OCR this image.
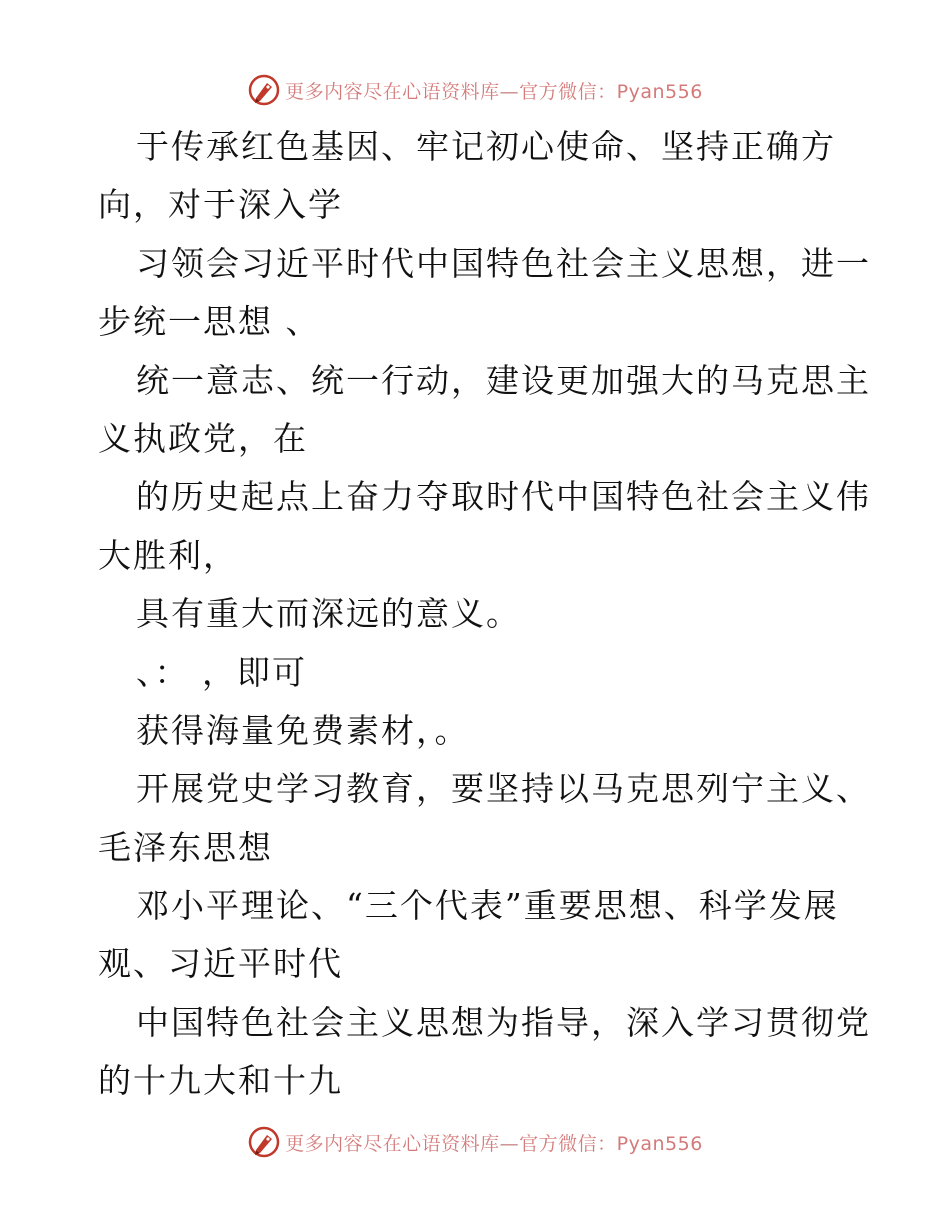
更多内容尽在心语资料库—官方微信：Pyan556
于传承红色基因、牢记初心使命、坚持正确方
向，对于深入学
习领会习近平时代中国特色社会主义思想，进一
步统一思想 、
统一意志、统一行动，建设更加强大的马克思主
义执政党，在
的历史起点上奋力夺取时代中国特色社会主义伟
大胜利，
具有重大而深远的意义。
、： ，即可
获得海量免费素材，。
开展党史学习教育，要坚持以马克思列宁主义、
毛泽东思想
邓小平理论、“三个代表”重要思想、科学发展
观、习近平时代
中国特色社会主义思想为指导，深入学习贯彻党
的十九大和十九
更多内容尽在心语资料库—官方微信：Pyan556
